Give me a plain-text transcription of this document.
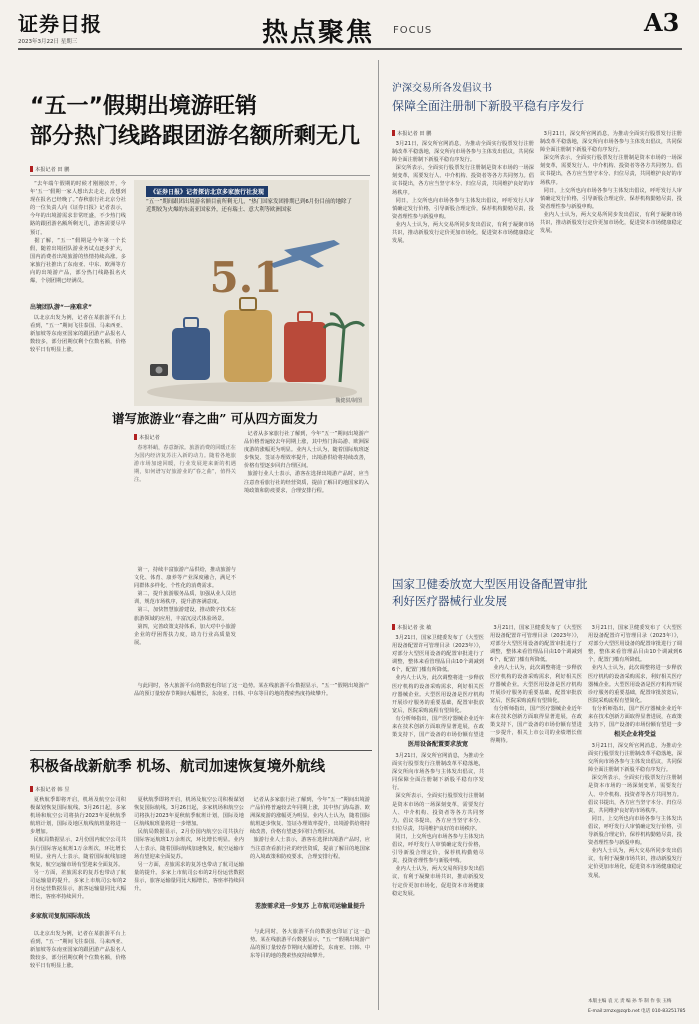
证券日报
2023年3月22日 星期三	热点聚焦 FOCUS	A3
“五一”假期出境游旺销
部分热门线路跟团游名额所剩无几
本报记者 田 鹏
“去年端午假期的时候才刚刚放开，今年‘五一’假期一家人想出去走走，没想到现在报名已经晚了。”春秋旅行社北京分社的一位负责人向《证券日报》记者表示，今年的出境游需求非常旺盛，不少热门线路的跟团游名额所剩无几，游客需要尽早预订。
据了解，“五一”假期是今年第一个长假，随着出境团队游业务试点逐步扩大，国内消费者出境旅游的热情持续高涨。多家旅行社推出了东南亚、中东、欧洲等方向的出境游产品，部分热门线路报名火爆，个别团期已经满员。
出境团队游“一座难求”
以北京出发为例，记者在某旅游平台上看到，“五一”期间飞往泰国、马来西亚、新加坡等东南亚国家的跟团游产品报名人数较多，部分团期仅剩个位数名额，价格较平日有明显上涨。
《证券日报》记者探访北京多家旅行社发现
“五一”期间跟团出境游名额目前所剩无几，“热门国家发团排期已到6月份目前的地除了近期较为火爆的东南亚国家外，还有瑞士、意大利等欧洲国家
5.1
魏健骐/制图
记者从多家旅行社了解到，今年“五一”期间出境游产品价格普遍较去年同期上涨，其中热门海岛游、欧洲深度游的涨幅更为明显。业内人士认为，随着国际航班逐步恢复、签证办理效率提升，出境游供给将持续改善，价格有望逐步回归合理区间。
旅游行业人士表示，游客在选择出境游产品时，应当注意查看旅行社的经营资质，提前了解目的地国家的入境政策和防疫要求，合理安排行程。
谱写旅游业“春之曲” 可从四方面发力
本报记者
春寒料峭，春意渐浓。旅游消费的回暖正在为国内经济复苏注入新的动力。随着各地旅游市场加速回暖，行业发展迎来新的机遇期，如何谱写好旅游业的“春之曲”，值得关注。
第一，持续丰富旅游产品供给，推动旅游与文化、体育、康养等产业深度融合，满足不同群体多样化、个性化的消费需求。
第二，提升旅游服务品质，加强从业人员培训，规范市场秩序，提升游客满意度。
第三，加快智慧旅游建设，推动数字技术在旅游领域的应用，丰富沉浸式体验场景。
第四，完善政策支持体系，加大对中小旅游企业的纾困帮扶力度，助力行业高质量发展。
与此同时，各大旅游平台的数据也印证了这一趋势。某在线旅游平台数据显示，“五一”假期出境游产品的预订量较春节期间大幅增长，东南亚、日韩、中东等目的地的搜索热度持续攀升。
积极备战新航季 机场、航司加速恢复境外航线
本报记者 韩 昱
夏秋航季即将开启，机场及航空公司积极谋划恢复国际航线。3月26日起，多家机场和航空公司将执行2023年夏秋航季航班计划，国际及地区航线航班量将进一步增加。
民航局数据显示，2月份国内航空公司共执行国际客运航班1万余班次，环比增长明显。业内人士表示，随着国际航线加速恢复，航空运输市场有望迎来全面复苏。
另一方面，差旅需求的复苏也带动了航司运输量的提升。多家上市航司公布的2月份运营数据显示，旅客运输量同比大幅增长，客座率持续回升。
多家航司复航国际航线
以北京出发为例，记者在某旅游平台上看到，“五一”期间飞往泰国、马来西亚、新加坡等东南亚国家的跟团游产品报名人数较多，部分团期仅剩个位数名额，价格较平日有明显上涨。
差旅需求进一步复苏 上市航司运输量提升
夏秋航季即将开启，机场及航空公司积极谋划恢复国际航线。3月26日起，多家机场和航空公司将执行2023年夏秋航季航班计划，国际及地区航线航班量将进一步增加。
民航局数据显示，2月份国内航空公司共执行国际客运航班1万余班次，环比增长明显。业内人士表示，随着国际航线加速恢复，航空运输市场有望迎来全面复苏。
另一方面，差旅需求的复苏也带动了航司运输量的提升。多家上市航司公布的2月份运营数据显示，旅客运输量同比大幅增长，客座率持续回升。
记者从多家旅行社了解到，今年“五一”期间出境游产品价格普遍较去年同期上涨，其中热门海岛游、欧洲深度游的涨幅更为明显。业内人士认为，随着国际航班逐步恢复、签证办理效率提升，出境游供给将持续改善，价格有望逐步回归合理区间。
旅游行业人士表示，游客在选择出境游产品时，应当注意查看旅行社的经营资质，提前了解目的地国家的入境政策和防疫要求，合理安排行程。
与此同时，各大旅游平台的数据也印证了这一趋势。某在线旅游平台数据显示，“五一”假期出境游产品的预订量较春节期间大幅增长，东南亚、日韩、中东等目的地的搜索热度持续攀升。
沪深交易所各发倡议书
保障全面注册制下新股平稳有序发行
本报记者 田 鹏
3月21日，深交所官网消息，为推动全面实行股票发行注册制改革平稳落地，深交所向市场各参与主体发出倡议，共同保障全面注册制下新股平稳有序发行。
深交所表示，全面实行股票发行注册制是资本市场的一场深刻变革，需要发行人、中介机构、投资者等各方共同努力。倡议书提出，各方应当坚守本分、归位尽责，共同维护良好的市场秩序。
同日，上交所也向市场各参与主体发出倡议，呼吁发行人审慎确定发行价格，引导新股合理定价，保荐机构勤勉尽责，投资者理性参与新股申购。
业内人士认为，两大交易所同步发出倡议，有利于凝聚市场共识，推动新股发行定价更加市场化，促进资本市场健康稳定发展。
3月21日，深交所官网消息，为推动全面实行股票发行注册制改革平稳落地，深交所向市场各参与主体发出倡议，共同保障全面注册制下新股平稳有序发行。
深交所表示，全面实行股票发行注册制是资本市场的一场深刻变革，需要发行人、中介机构、投资者等各方共同努力。倡议书提出，各方应当坚守本分、归位尽责，共同维护良好的市场秩序。
同日，上交所也向市场各参与主体发出倡议，呼吁发行人审慎确定发行价格，引导新股合理定价，保荐机构勤勉尽责，投资者理性参与新股申购。
业内人士认为，两大交易所同步发出倡议，有利于凝聚市场共识，推动新股发行定价更加市场化，促进资本市场健康稳定发展。
国家卫健委放宽大型医用设备配置审批
利好医疗器械行业发展
本报记者 张 敏
3月21日，国家卫健委发布了《大型医用设备配置许可管理目录（2023年）》，对部分大型医用设备的配置审批进行了调整，整体来看管理品目由10个调减到6个，配置门槛有所降低。
业内人士认为，此次调整将进一步释放医疗机构的设备采购需求，利好相关医疗器械企业。大型医用设备是医疗机构开展诊疗服务的重要基础，配置审批放宽后，医院采购流程有望简化。
有分析师指出，国产医疗器械企业近年来在技术创新方面取得显著进展，在政策支持下，国产设备的市场份额有望进
医用设备配置要求放宽
3月21日，深交所官网消息，为推动全面实行股票发行注册制改革平稳落地，深交所向市场各参与主体发出倡议，共同保障全面注册制下新股平稳有序发行。
深交所表示，全面实行股票发行注册制是资本市场的一场深刻变革，需要发行人、中介机构、投资者等各方共同努力。倡议书提出，各方应当坚守本分、归位尽责，共同维护良好的市场秩序。
同日，上交所也向市场各参与主体发出倡议，呼吁发行人审慎确定发行价格，引导新股合理定价，保荐机构勤勉尽责，投资者理性参与新股申购。
业内人士认为，两大交易所同步发出倡议，有利于凝聚市场共识，推动新股发行定价更加市场化，促进资本市场健康稳定发展。
3月21日，国家卫健委发布了《大型医用设备配置许可管理目录（2023年）》，对部分大型医用设备的配置审批进行了调整，整体来看管理品目由10个调减到6个，配置门槛有所降低。
业内人士认为，此次调整将进一步释放医疗机构的设备采购需求，利好相关医疗器械企业。大型医用设备是医疗机构开展诊疗服务的重要基础，配置审批放宽后，医院采购流程有望简化。
有分析师指出，国产医疗器械企业近年来在技术创新方面取得显著进展，在政策支持下，国产设备的市场份额有望进一步提升，相关上市公司的业绩增长值得期待。
3月21日，国家卫健委发布了《大型医用设备配置许可管理目录（2023年）》，对部分大型医用设备的配置审批进行了调整，整体来看管理品目由10个调减到6个，配置门槛有所降低。
业内人士认为，此次调整将进一步释放医疗机构的设备采购需求，利好相关医疗器械企业。大型医用设备是医疗机构开展诊疗服务的重要基础，配置审批放宽后，医院采购流程有望简化。
有分析师指出，国产医疗器械企业近年来在技术创新方面取得显著进展，在政策支持下，国产设备的市场份额有望进一步
相关企业将受益
3月21日，深交所官网消息，为推动全面实行股票发行注册制改革平稳落地，深交所向市场各参与主体发出倡议，共同保障全面注册制下新股平稳有序发行。
深交所表示，全面实行股票发行注册制是资本市场的一场深刻变革，需要发行人、中介机构、投资者等各方共同努力。倡议书提出，各方应当坚守本分、归位尽责，共同维护良好的市场秩序。
同日，上交所也向市场各参与主体发出倡议，呼吁发行人审慎确定发行价格，引导新股合理定价，保荐机构勤勉尽责，投资者理性参与新股申购。
业内人士认为，两大交易所同步发出倡议，有利于凝聚市场共识，推动新股发行定价更加市场化，促进资本市场健康稳定发展。
本版主编 袁 元 责 编 孙 华 制 作 张 玉梅
E-mail:zmzx@zqrb.net 电话 010-83251785
